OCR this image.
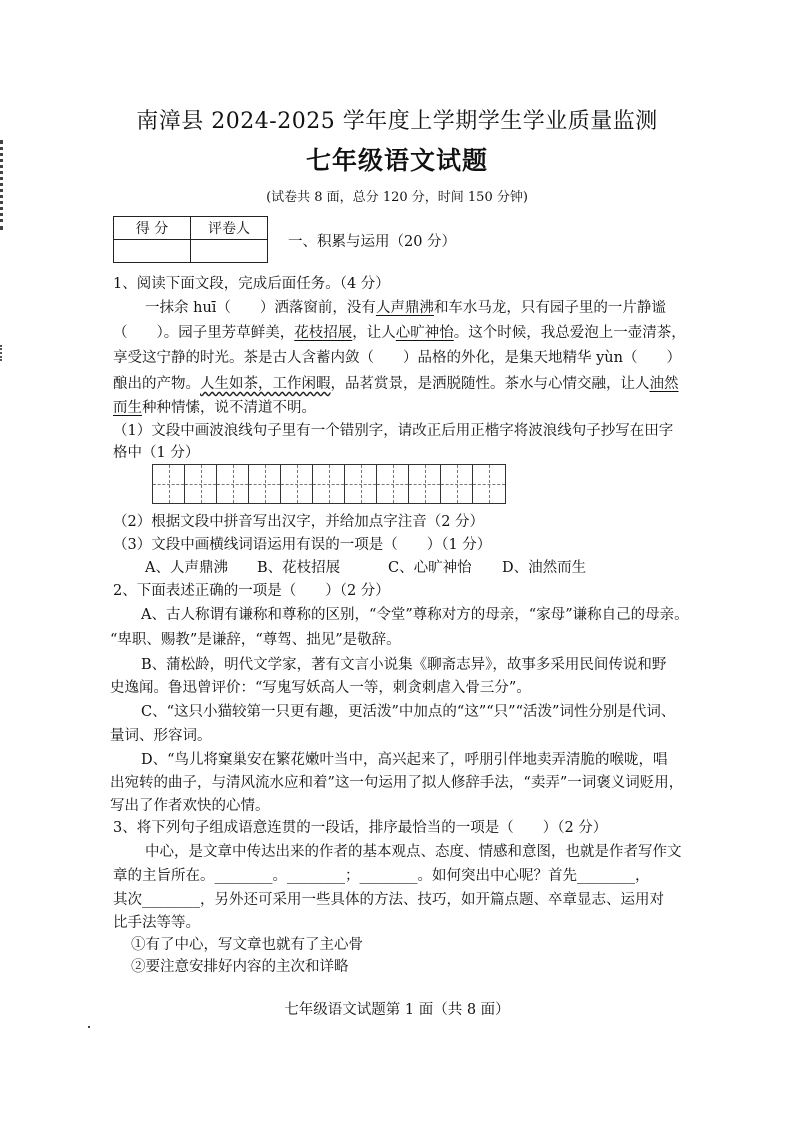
南漳县 2024-2025 学年度上学期学生学业质量监测
七年级语文试题
(试卷共 8 面，总分 120 分，时间 150 分钟)
得 分	评卷人

一、积累与运用（20 分）
1、阅读下面文段，完成后面任务。（4 分）
一抹余 huī（　　）洒落窗前，没有人声鼎沸和车水马龙，只有园子里的一片静谧
（　　）。园子里芳草鲜美，花枝招展，让人心旷神怡。这个时候，我总爱泡上一壶清茶，
享受这宁静的时光。茶是古人含蓄内敛（　　）品格的外化，是集天地精华 yùn（　　）
酿出的产物。人生如茶，工作闲暇，品茗赏景，是洒脱随性。茶水与心情交融，让人油然
而生种种情愫，说不清道不明。
（1）文段中画波浪线句子里有一个错别字，请改正后用正楷字将波浪线句子抄写在田字
格中（1 分）
（2）根据文段中拼音写出汉字，并给加点字注音（2 分）
（3）文段中画横线词语运用有误的一项是（　　）（1 分）
A、人声鼎沸 B、花枝招展	C、心旷神怡 D、油然而生
2、下面表述正确的一项是（　　）（2 分）
A、古人称谓有谦称和尊称的区别，“令堂”尊称对方的母亲，“家母”谦称自己的母亲。
“卑职、赐教”是谦辞，“尊驾、拙见”是敬辞。
B、蒲松龄，明代文学家，著有文言小说集《聊斋志异》，故事多采用民间传说和野
史逸闻。鲁迅曾评价：“写鬼写妖高人一等，刺贪刺虐入骨三分”。
C、“这只小猫较第一只更有趣，更活泼”中加点的“这”“只”“活泼”词性分别是代词、
量词、形容词。
D、“鸟儿将窠巢安在繁花嫩叶当中，高兴起来了，呼朋引伴地卖弄清脆的喉咙，唱
出宛转的曲子，与清风流水应和着”这一句运用了拟人修辞手法，“卖弄”一词褒义词贬用，
写出了作者欢快的心情。
3、将下列句子组成语意连贯的一段话，排序最恰当的一项是（　　）（2 分）
中心，是文章中传达出来的作者的基本观点、态度、情感和意图，也就是作者写作文
章的主旨所在。________。________；________。如何突出中心呢？首先________，
其次________，另外还可采用一些具体的方法、技巧，如开篇点题、卒章显志、运用对
比手法等等。
①有了中心，写文章也就有了主心骨
②要注意安排好内容的主次和详略
七年级语文试题第 1 面（共 8 面）
